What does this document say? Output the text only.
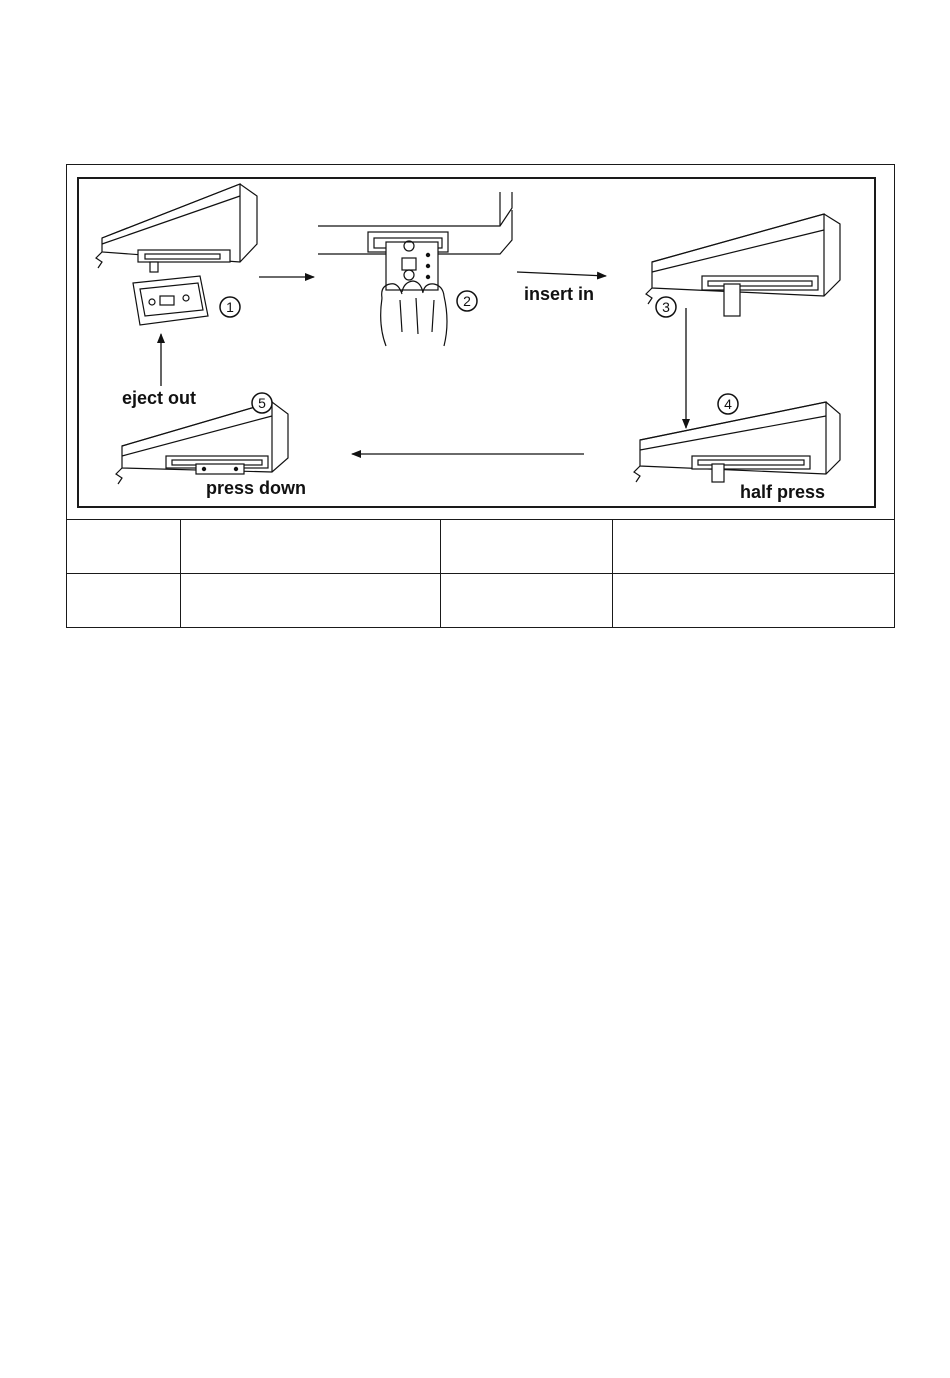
1	2	3
4
5
insert in
eject out
press down	half press
